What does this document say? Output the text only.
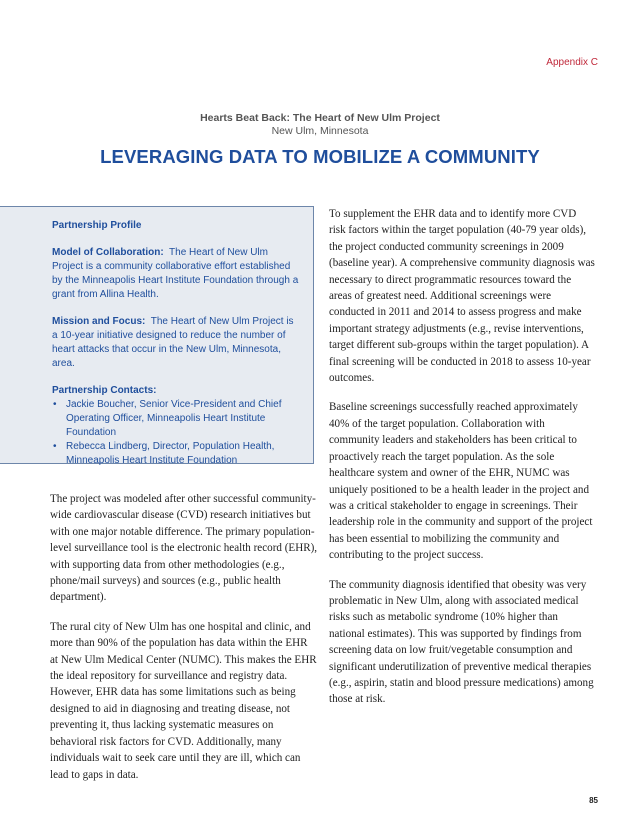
Appendix C
Hearts Beat Back: The Heart of New Ulm Project
New Ulm, Minnesota
LEVERAGING DATA TO MOBILIZE A COMMUNITY

Partnership Profile

Model of Collaboration: The Heart of New Ulm Project is a community collaborative effort established by the Minneapolis Heart Institute Foundation through a grant from Allina Health.

Mission and Focus: The Heart of New Ulm Project is a 10-year initiative designed to reduce the number of heart attacks that occur in the New Ulm, Minnesota, area.

Partnership Contacts:

• Jackie Boucher, Senior Vice-President and Chief Operating Officer, Minneapolis Heart Institute Foundation
• Rebecca Lindberg, Director, Population Health, Minneapolis Heart Institute Foundation

The project was modeled after other successful community-wide cardiovascular disease (CVD) research initiatives but with one major notable difference. The primary population-level surveillance tool is the electronic health record (EHR), with supporting data from other methodologies (e.g., phone/mail surveys) and sources (e.g., public health department).

The rural city of New Ulm has one hospital and clinic, and more than 90% of the population has data within the EHR at New Ulm Medical Center (NUMC). This makes the EHR the ideal repository for surveillance and registry data. However, EHR data has some limitations such as being designed to aid in diagnosing and treating disease, not preventing it, thus lacking systematic measures on behavioral risk factors for CVD. Additionally, many individuals wait to seek care until they are ill, which can lead to gaps in data.

To supplement the EHR data and to identify more CVD risk factors within the target population (40-79 year olds), the project conducted community screenings in 2009 (baseline year). A comprehensive community diagnosis was necessary to direct programmatic resources toward the areas of greatest need. Additional screenings were conducted in 2011 and 2014 to assess progress and make important strategy adjustments (e.g., revise interventions, target different sub-groups within the target population). A final screening will be conducted in 2018 to assess 10-year outcomes.

Baseline screenings successfully reached approximately 40% of the target population. Collaboration with community leaders and stakeholders has been critical to proactively reach the target population. As the sole healthcare system and owner of the EHR, NUMC was uniquely positioned to be a health leader in the project and was a critical stakeholder to engage in screenings. Their leadership role in the community and support of the project has been essential to mobilizing the community and contributing to the project success.

The community diagnosis identified that obesity was very problematic in New Ulm, along with associated medical risks such as metabolic syndrome (10% higher than national estimates). This was supported by findings from screening data on low fruit/vegetable consumption and significant underutilization of preventive medical therapies (e.g., aspirin, statin and blood pressure medications) among those at risk.

85
